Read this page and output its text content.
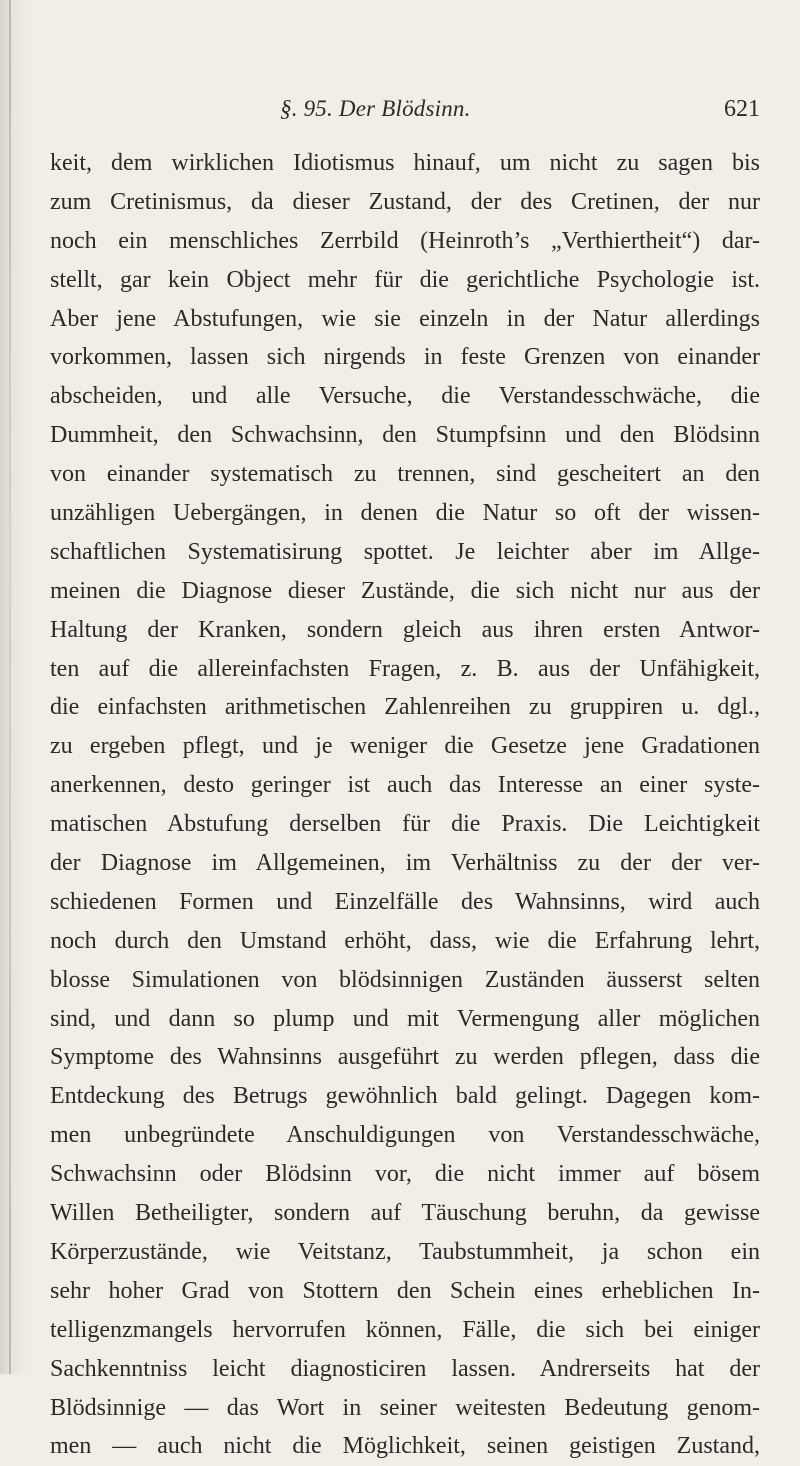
§. 95. Der Blödsinn.	621
keit, dem wirklichen Idiotismus hinauf, um nicht zu sagen bis
zum Cretinismus, da dieser Zustand, der des Cretinen, der nur
noch ein menschliches Zerrbild (Heinroth’s „Verthiertheit“) dar-
stellt, gar kein Object mehr für die gerichtliche Psychologie ist.
Aber jene Abstufungen, wie sie einzeln in der Natur allerdings
vorkommen, lassen sich nirgends in feste Grenzen von einander
abscheiden, und alle Versuche, die Verstandesschwäche, die
Dummheit, den Schwachsinn, den Stumpfsinn und den Blödsinn
von einander systematisch zu trennen, sind gescheitert an den
unzähligen Uebergängen, in denen die Natur so oft der wissen-
schaftlichen Systematisirung spottet. Je leichter aber im Allge-
meinen die Diagnose dieser Zustände, die sich nicht nur aus der
Haltung der Kranken, sondern gleich aus ihren ersten Antwor-
ten auf die allereinfachsten Fragen, z. B. aus der Unfähigkeit,
die einfachsten arithmetischen Zahlenreihen zu gruppiren u. dgl.,
zu ergeben pflegt, und je weniger die Gesetze jene Gradationen
anerkennen, desto geringer ist auch das Interesse an einer syste-
matischen Abstufung derselben für die Praxis. Die Leichtigkeit
der Diagnose im Allgemeinen, im Verhältniss zu der der ver-
schiedenen Formen und Einzelfälle des Wahnsinns, wird auch
noch durch den Umstand erhöht, dass, wie die Erfahrung lehrt,
blosse Simulationen von blödsinnigen Zuständen äusserst selten
sind, und dann so plump und mit Vermengung aller möglichen
Symptome des Wahnsinns ausgeführt zu werden pflegen, dass die
Entdeckung des Betrugs gewöhnlich bald gelingt. Dagegen kom-
men unbegründete Anschuldigungen von Verstandesschwäche,
Schwachsinn oder Blödsinn vor, die nicht immer auf bösem
Willen Betheiligter, sondern auf Täuschung beruhn, da gewisse
Körperzustände, wie Veitstanz, Taubstummheit, ja schon ein
sehr hoher Grad von Stottern den Schein eines erheblichen In-
telligenzmangels hervorrufen können, Fälle, die sich bei einiger
Sachkenntniss leicht diagnosticiren lassen. Andrerseits hat der
Blödsinnige — das Wort in seiner weitesten Bedeutung genom-
men — auch nicht die Möglichkeit, seinen geistigen Zustand,
